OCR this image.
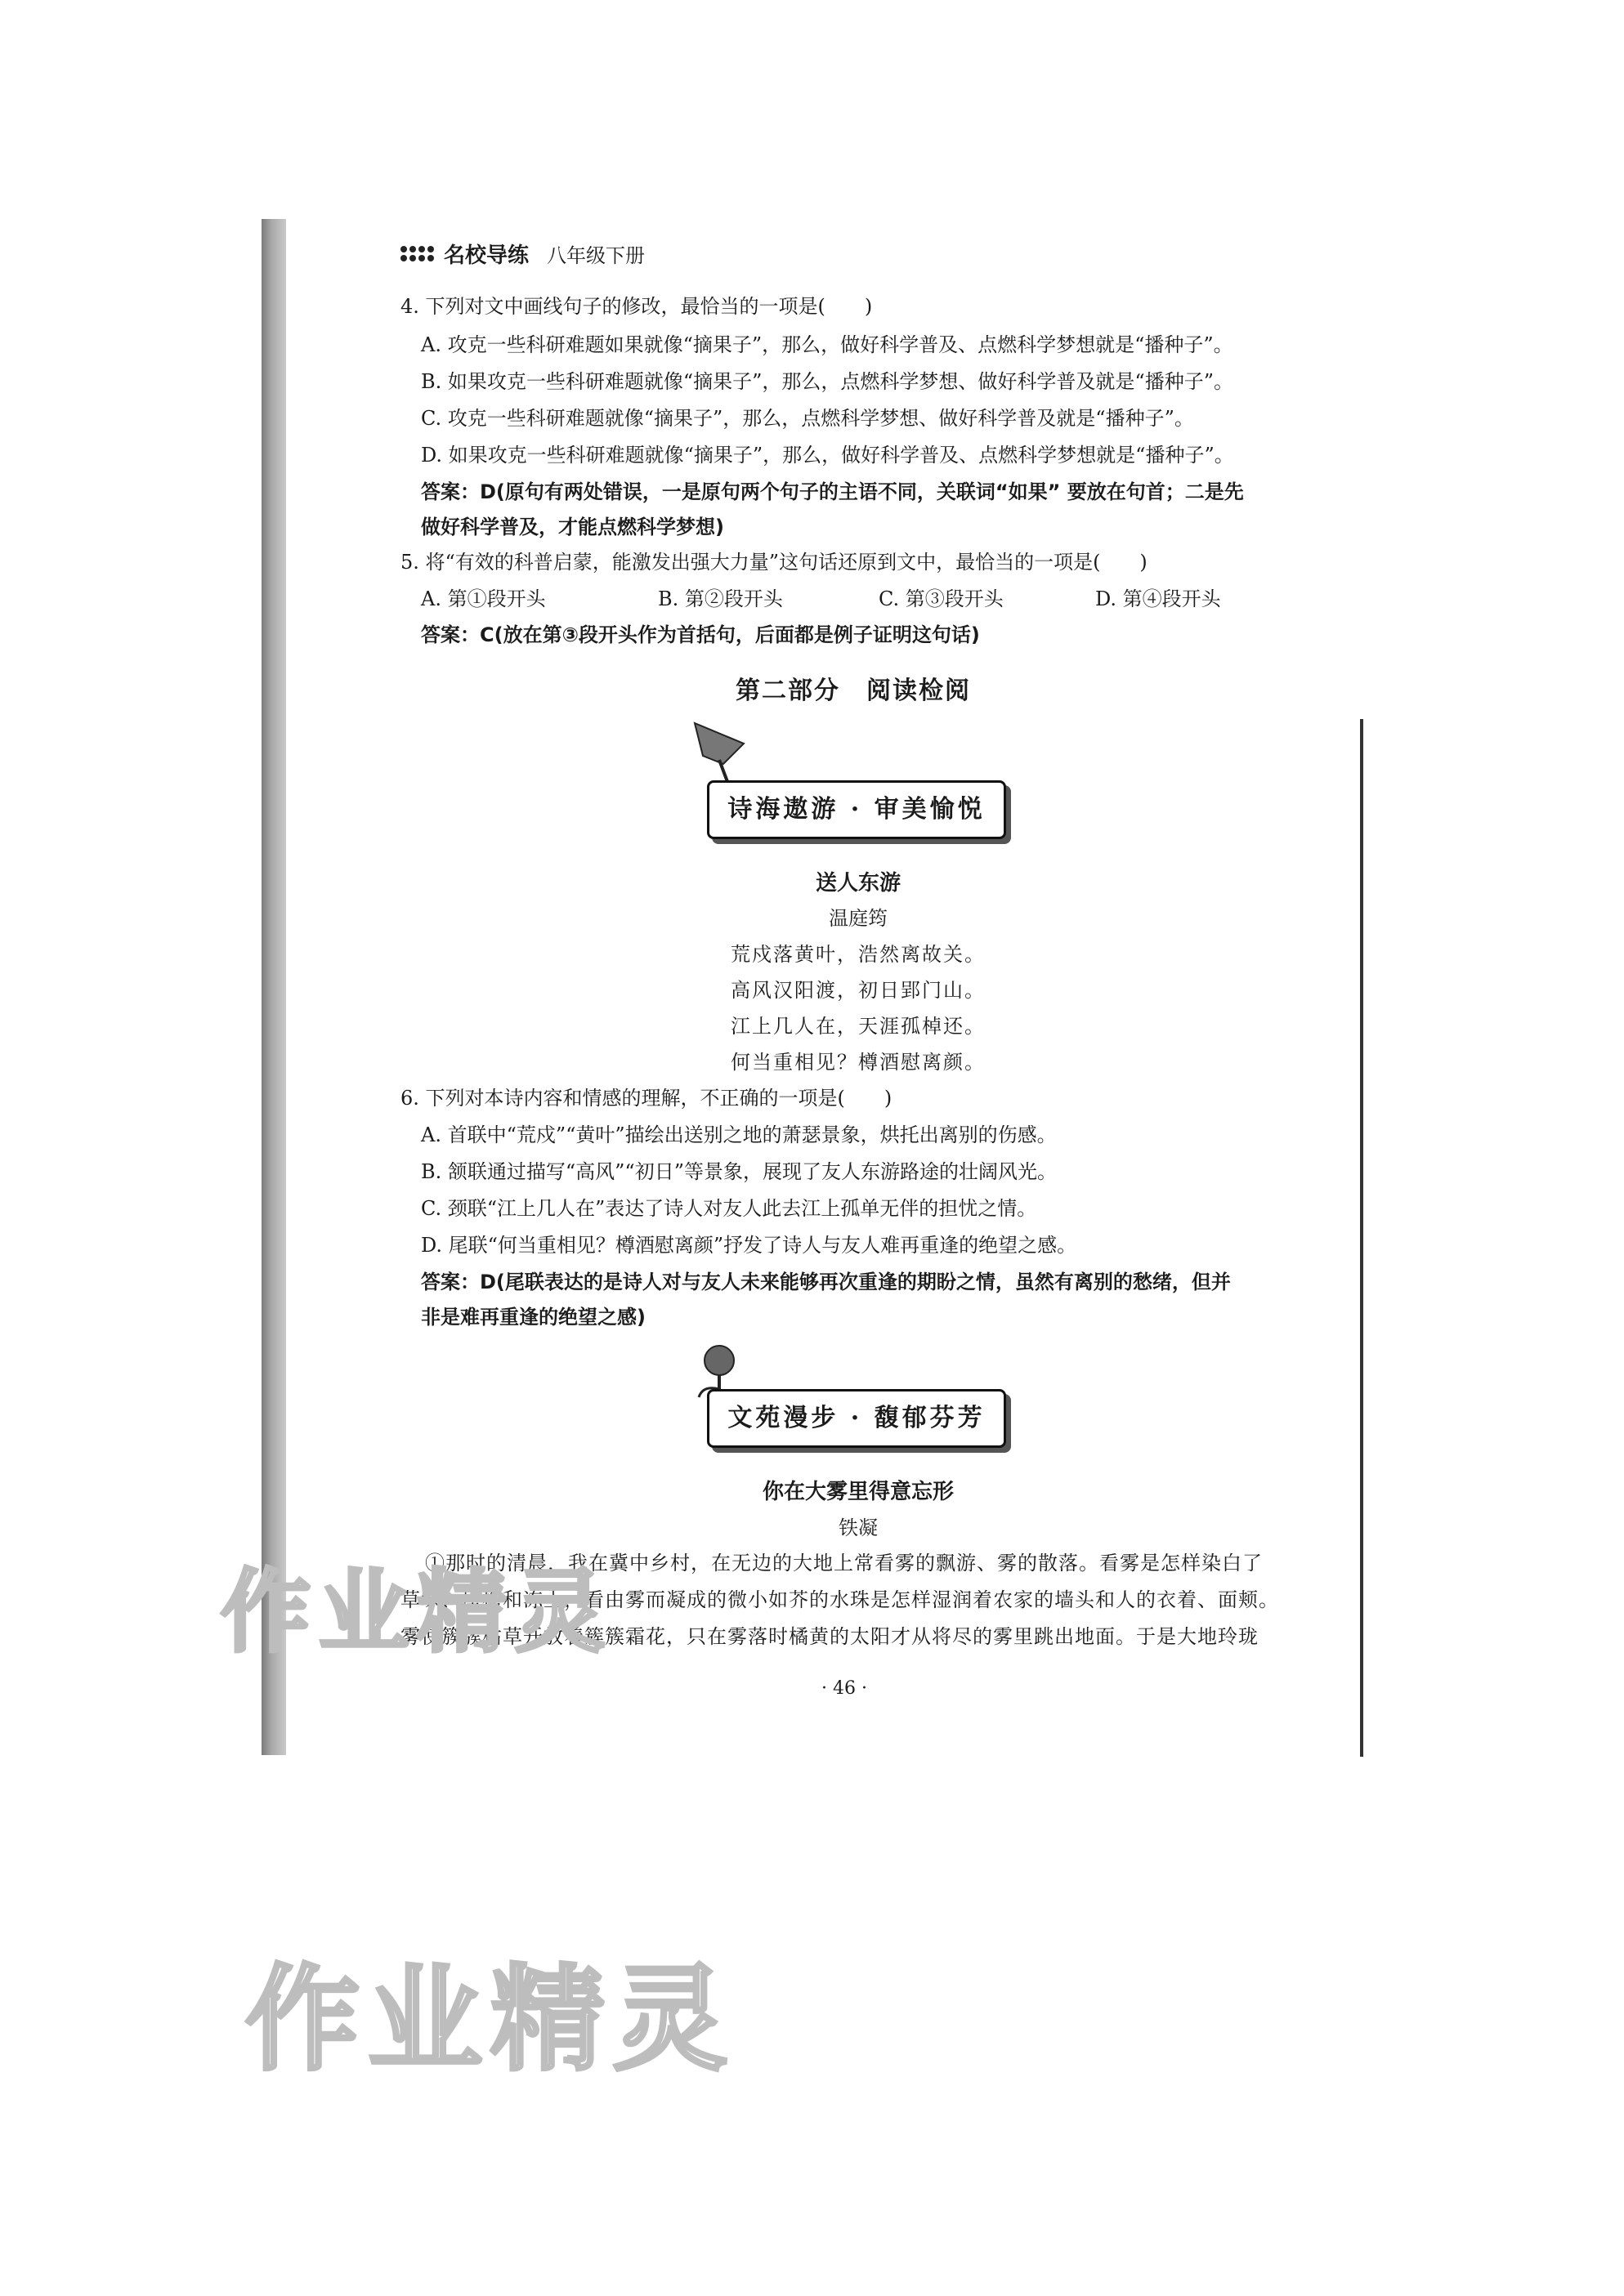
名校导练 八年级下册
4. 下列对文中画线句子的修改，最恰当的一项是(　　)
A. 攻克一些科研难题如果就像“摘果子”，那么，做好科学普及、点燃科学梦想就是“播种子”。
B. 如果攻克一些科研难题就像“摘果子”，那么，点燃科学梦想、做好科学普及就是“播种子”。
C. 攻克一些科研难题就像“摘果子”，那么，点燃科学梦想、做好科学普及就是“播种子”。
D. 如果攻克一些科研难题就像“摘果子”，那么，做好科学普及、点燃科学梦想就是“播种子”。
答案：D(原句有两处错误，一是原句两个句子的主语不同，关联词“如果” 要放在句首；二是先
做好科学普及，才能点燃科学梦想)
5. 将“有效的科普启蒙，能激发出强大力量”这句话还原到文中，最恰当的一项是(　　)
A. 第①段开头	B. 第②段开头	C. 第③段开头	D. 第④段开头
答案：C(放在第③段开头作为首括句，后面都是例子证明这句话)
第二部分　阅读检阅
诗海遨游 · 审美愉悦
送人东游
温庭筠
荒戍落黄叶，浩然离故关。
高风汉阳渡，初日郢门山。
江上几人在，天涯孤棹还。
何当重相见？樽酒慰离颜。
6. 下列对本诗内容和情感的理解，不正确的一项是(　　)
A. 首联中“荒戍”“黄叶”描绘出送别之地的萧瑟景象，烘托出离别的伤感。
B. 颔联通过描写“高风”“初日”等景象，展现了友人东游路途的壮阔风光。
C. 颈联“江上几人在”表达了诗人对友人此去江上孤单无伴的担忧之情。
D. 尾联“何当重相见？樽酒慰离颜”抒发了诗人与友人难再重逢的绝望之感。
答案：D(尾联表达的是诗人对与友人未来能够再次重逢的期盼之情，虽然有离别的愁绪，但并
非是难再重逢的绝望之感)
文苑漫步 · 馥郁芬芳
你在大雾里得意忘形
铁凝
①那时的清晨，我在冀中乡村，在无边的大地上常看雾的飘游、雾的散落。看雾是怎样染白了
草垛、屋檐和冻土，看由雾而凝成的微小如芥的水珠是怎样湿润着农家的墙头和人的衣着、面颊。
雾使簇簇枯草开放着簇簇霜花，只在雾落时橘黄的太阳才从将尽的雾里跳出地面。于是大地玲珑
· 46 ·
作业精灵
作业精灵
